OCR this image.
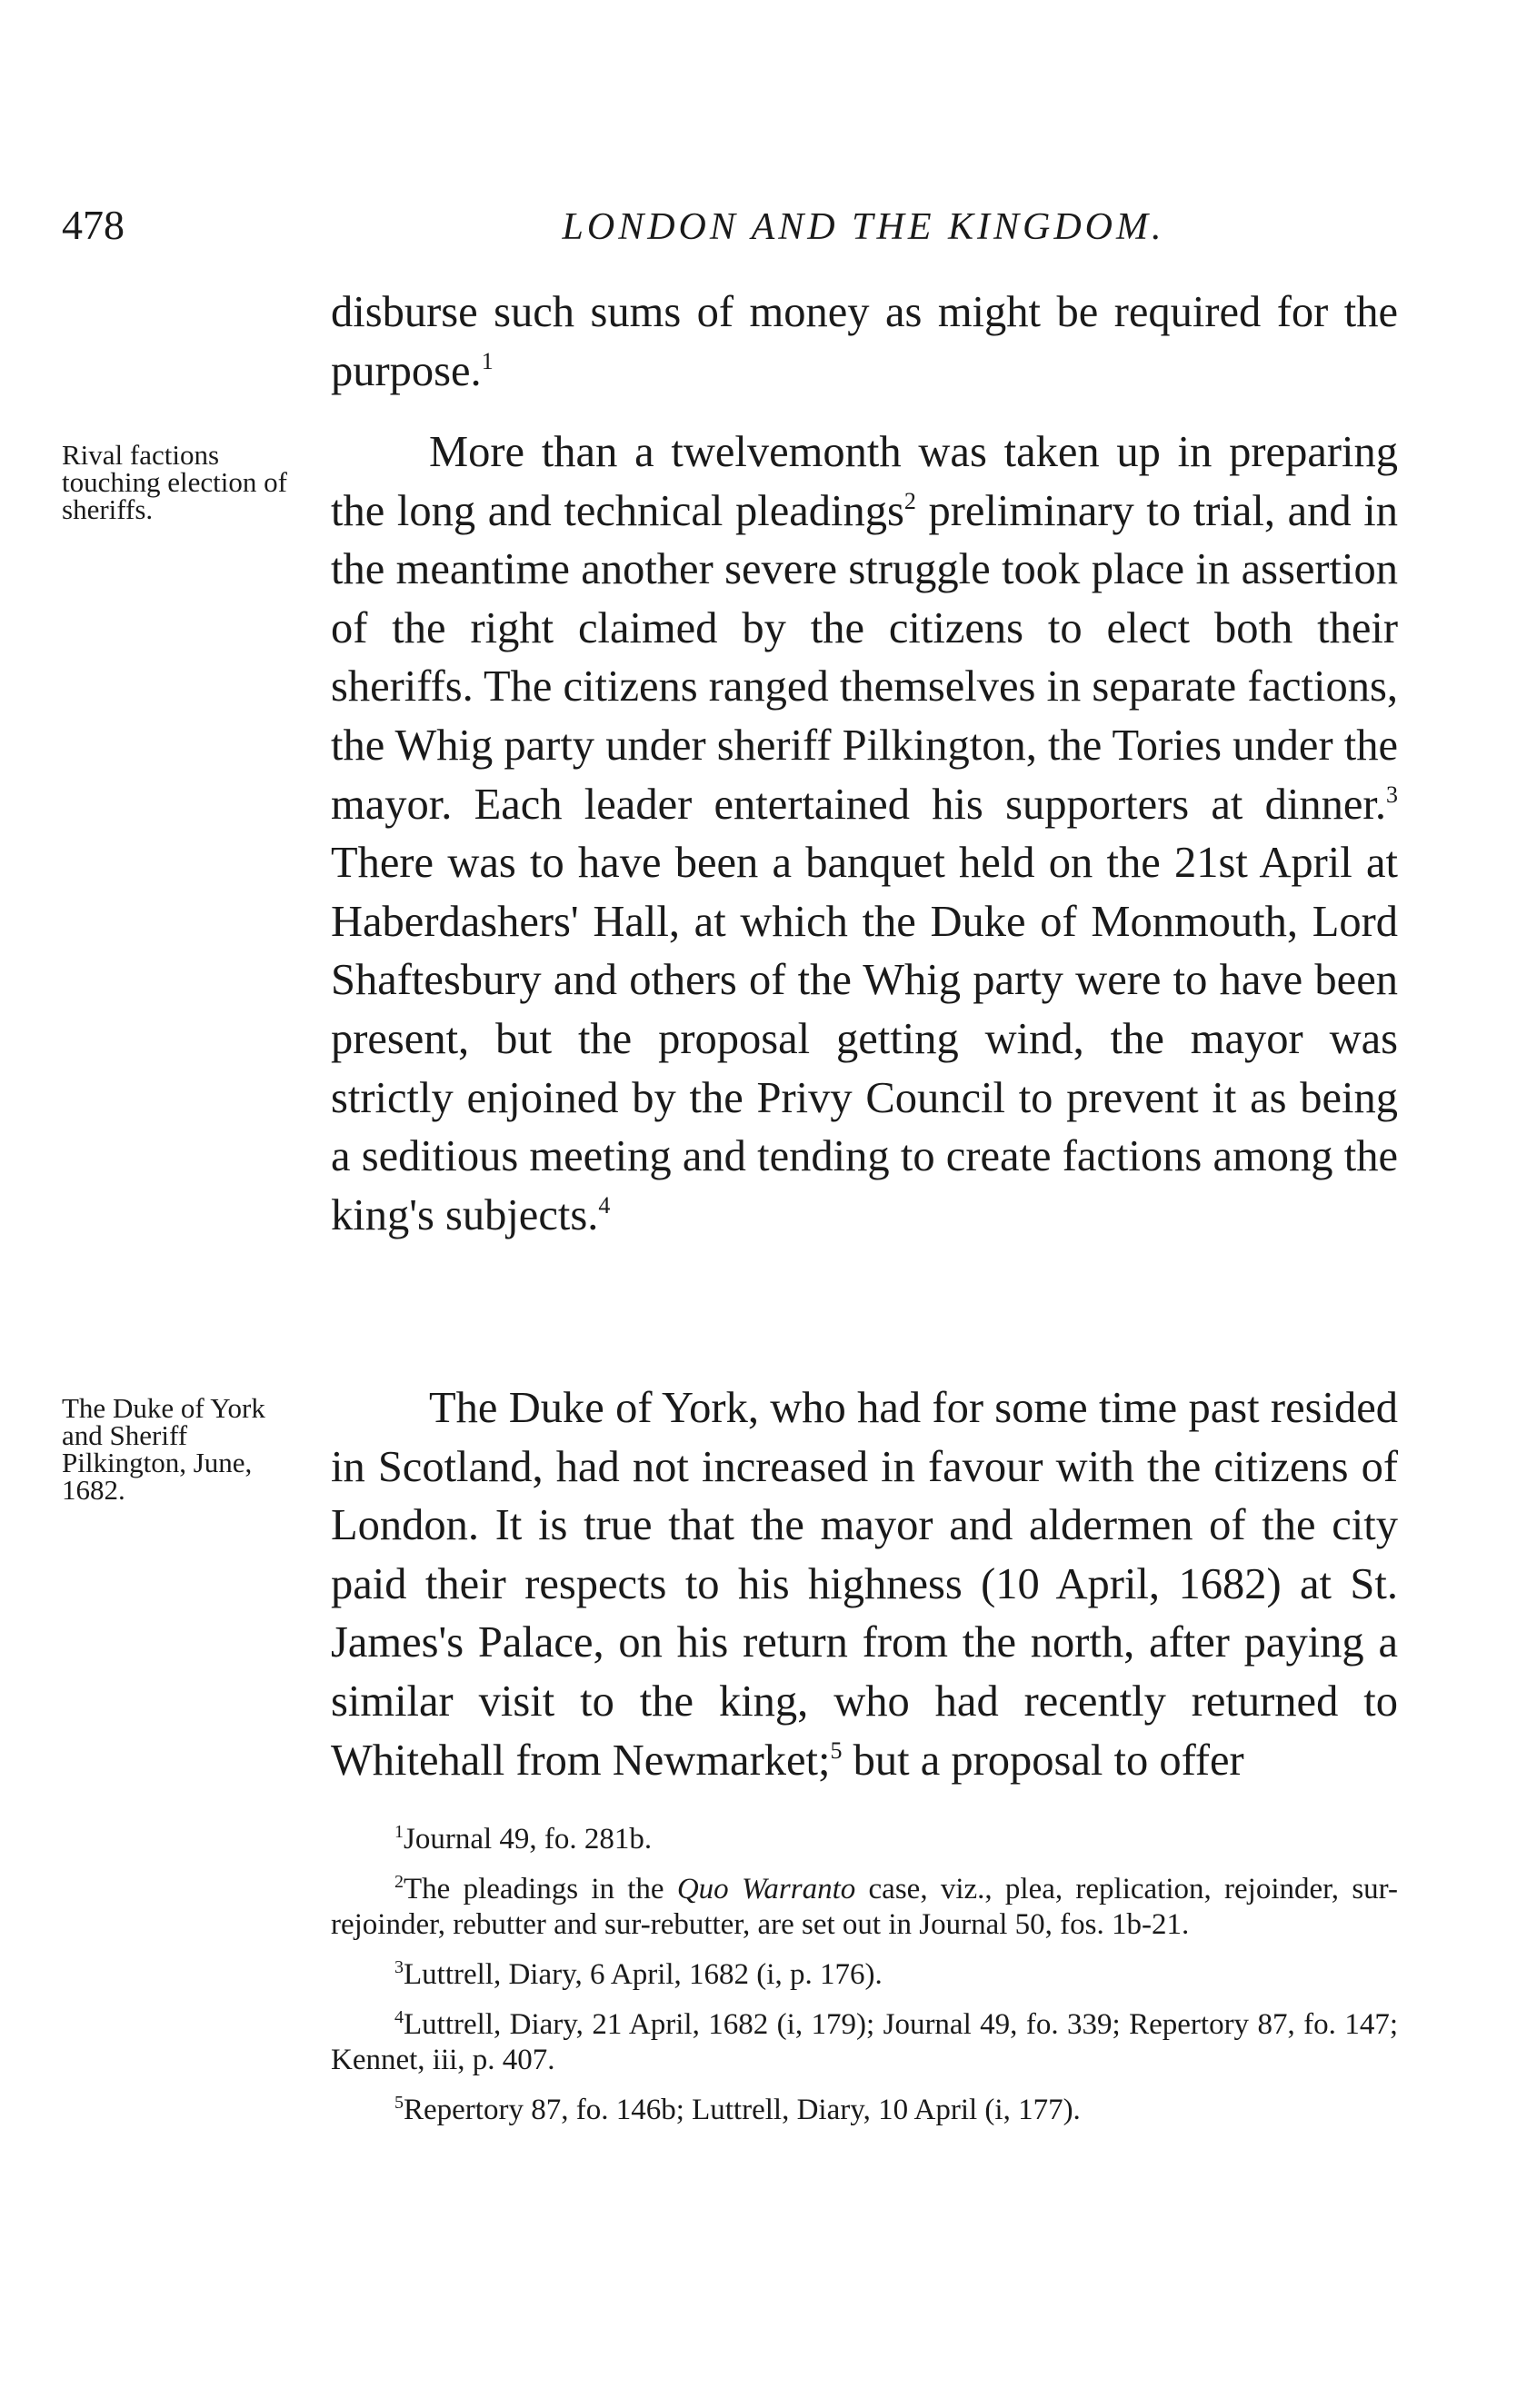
478	LONDON AND THE KINGDOM.

disburse such sums of money as might be required for the purpose.$^1$

Rival factions touching election of sheriffs.

More than a twelvemonth was taken up in preparing the long and technical pleadings$^2$ preliminary to trial, and in the meantime another severe struggle took place in assertion of the right claimed by the citizens to elect both their sheriffs. The citizens ranged themselves in separate factions, the Whig party under sheriff Pilkington, the Tories under the mayor. Each leader entertained his supporters at dinner.$^3$ There was to have been a banquet held on the 21st April at Haberdashers' Hall, at which the Duke of Monmouth, Lord Shaftesbury and others of the Whig party were to have been present, but the proposal getting wind, the mayor was strictly enjoined by the Privy Council to prevent it as being a seditious meeting and tending to create factions among the king's subjects.$^4$

The Duke of York and Sheriff Pilkington, June, 1682.

The Duke of York, who had for some time past resided in Scotland, had not increased in favour with the citizens of London. It is true that the mayor and aldermen of the city paid their respects to his highness (10 April, 1682) at St. James's Palace, on his return from the north, after paying a similar visit to the king, who had recently returned to Whitehall from Newmarket;$^5$ but a proposal to offer

$^1$Journal 49, fo. 281b.

$^2$The pleadings in the Quo Warranto case, viz., plea, replication, rejoinder, sur-rejoinder, rebutter and sur-rebutter, are set out in Journal 50, fos. 1b-21.

$^3$Luttrell, Diary, 6 April, 1682 (i, p. 176).

$^4$Luttrell, Diary, 21 April, 1682 (i, 179); Journal 49, fo. 339; Repertory 87, fo. 147; Kennet, iii, p. 407.

$^5$Repertory 87, fo. 146b; Luttrell, Diary, 10 April (i, 177).
